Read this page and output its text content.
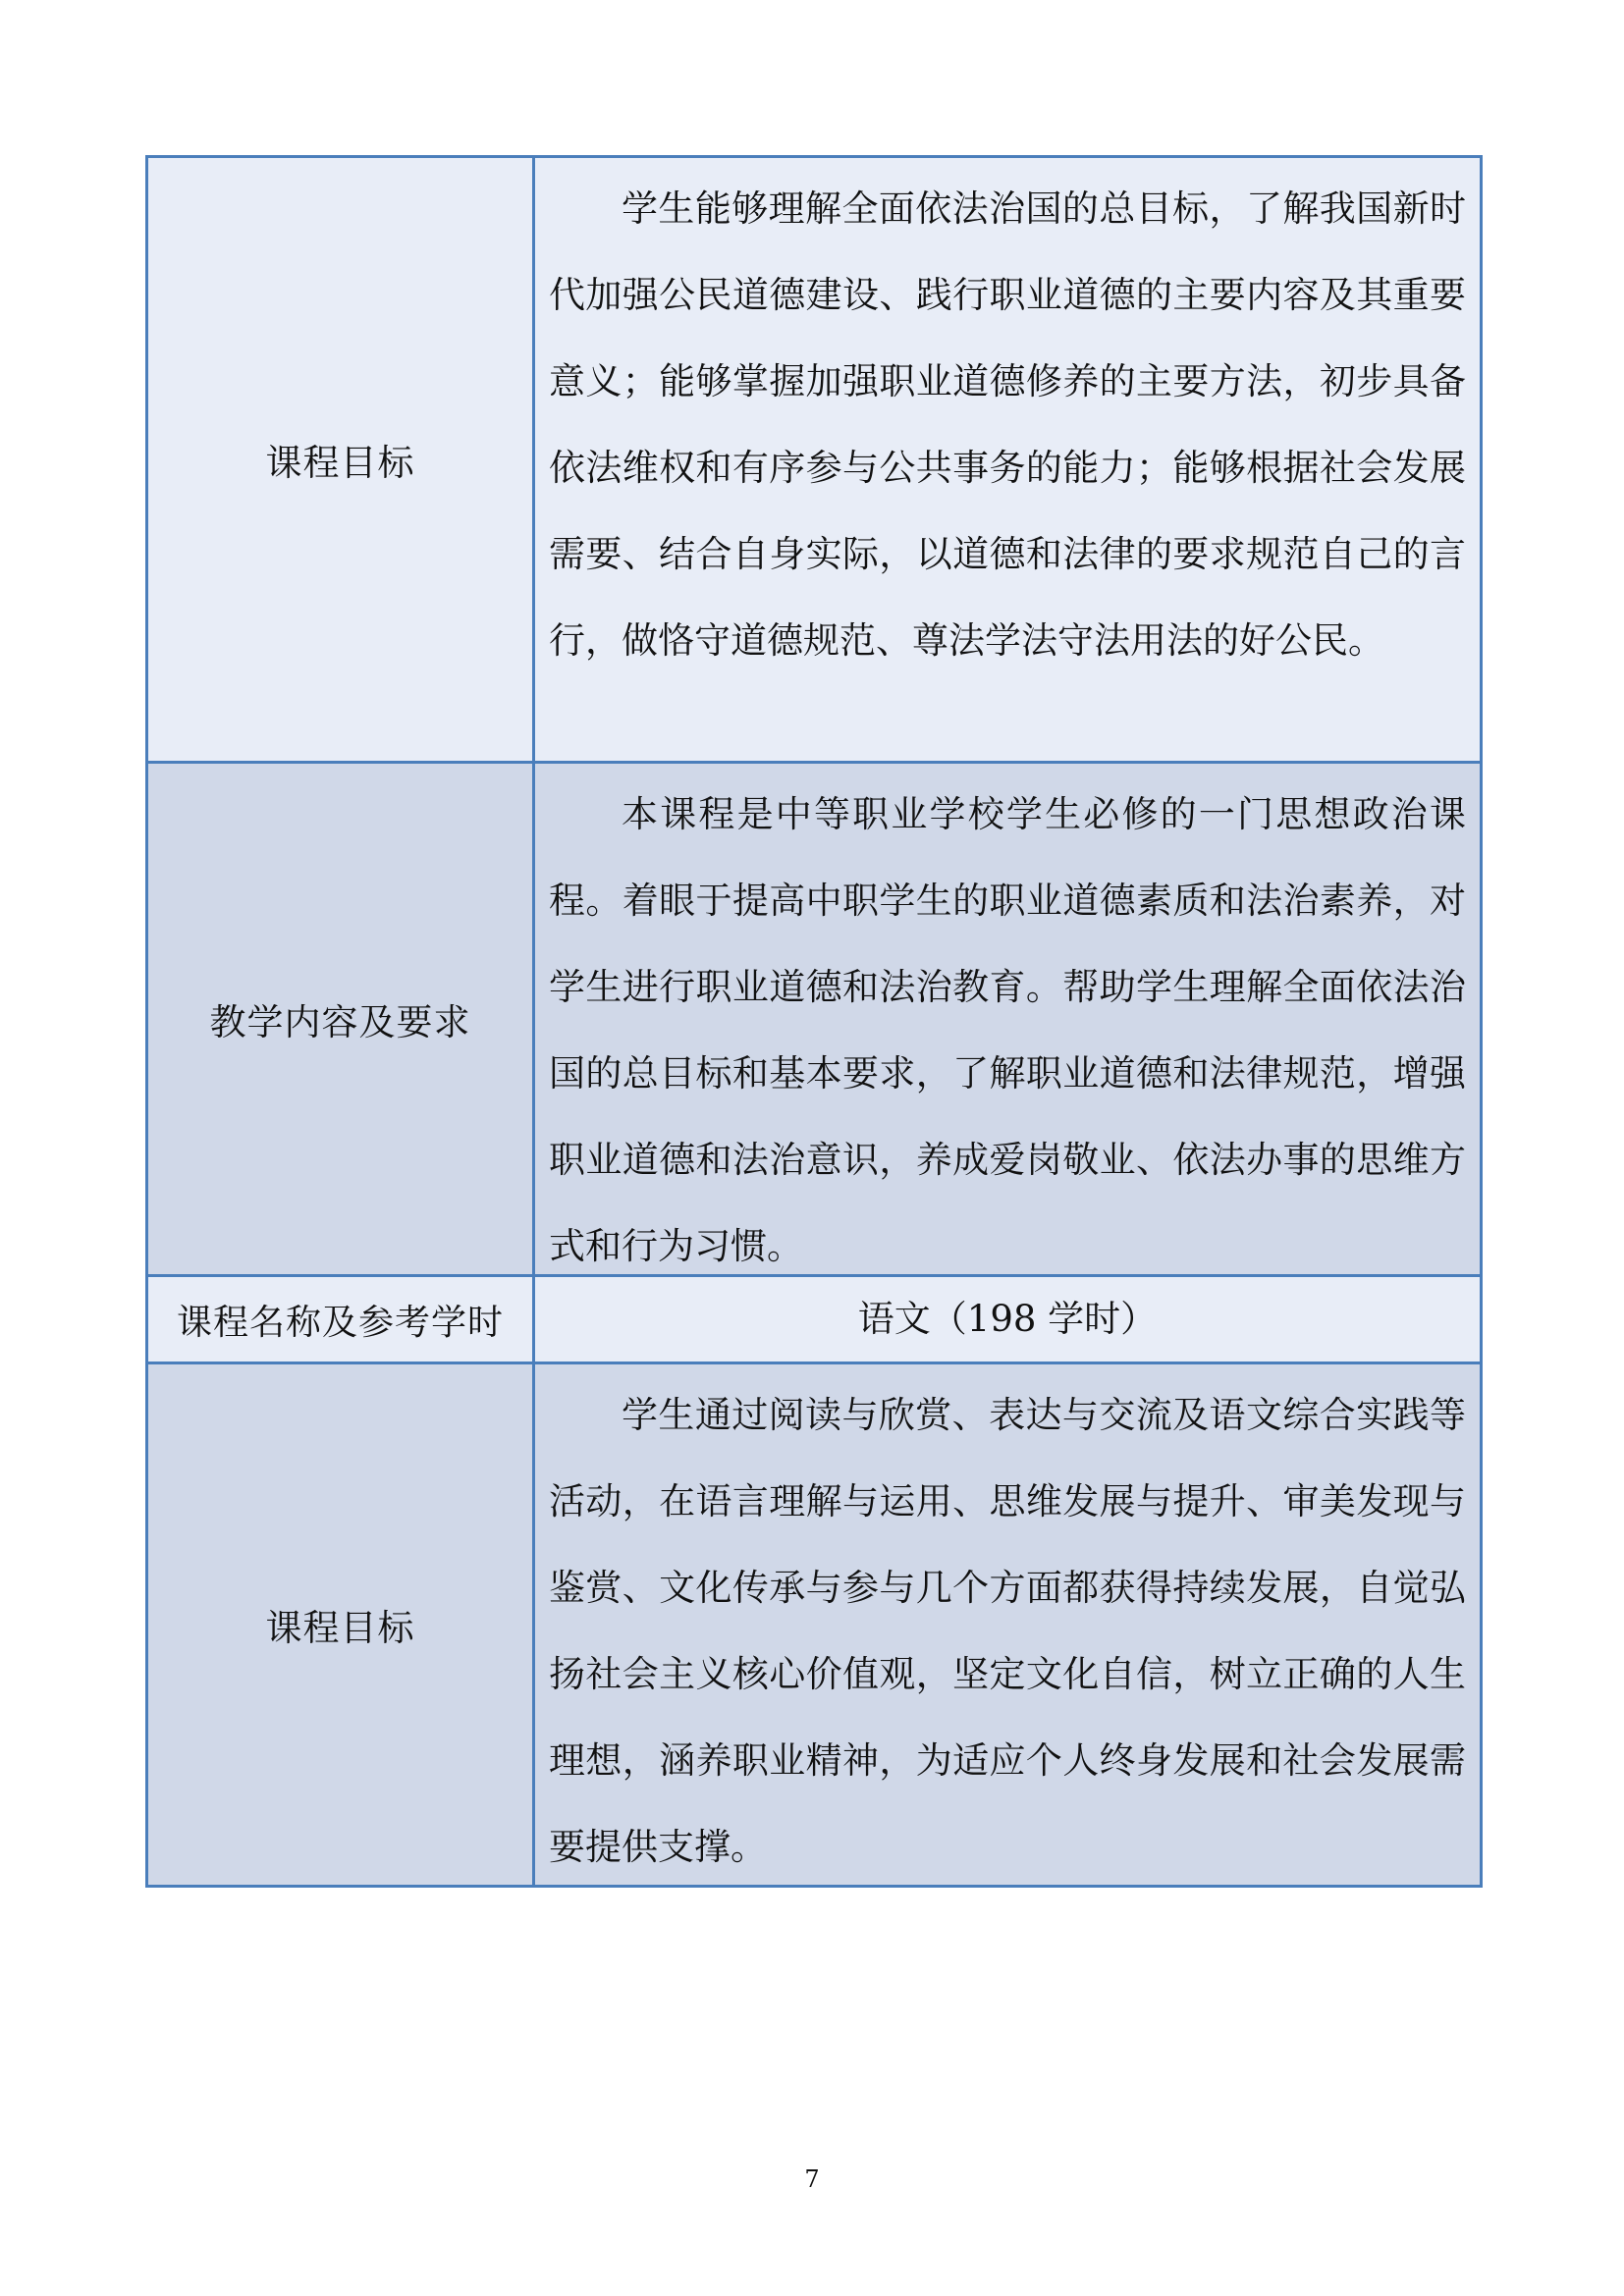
课程目标
学生能够理解全面依法治国的总目标，了解我国新时代加强公民道德建设、践行职业道德的主要内容及其重要意义；能够掌握加强职业道德修养的主要方法，初步具备依法维权和有序参与公共事务的能力；能够根据社会发展需要、结合自身实际，以道德和法律的要求规范自己的言行，做恪守道德规范、尊法学法守法用法的好公民。
教学内容及要求
本课程是中等职业学校学生必修的一门思想政治课程。着眼于提高中职学生的职业道德素质和法治素养，对学生进行职业道德和法治教育。帮助学生理解全面依法治国的总目标和基本要求，了解职业道德和法律规范，增强职业道德和法治意识，养成爱岗敬业、依法办事的思维方式和行为习惯。
课程名称及参考学时	语文（198 学时）
课程目标
学生通过阅读与欣赏、表达与交流及语文综合实践等活动，在语言理解与运用、思维发展与提升、审美发现与鉴赏、文化传承与参与几个方面都获得持续发展，自觉弘扬社会主义核心价值观，坚定文化自信，树立正确的人生理想，涵养职业精神，为适应个人终身发展和社会发展需要提供支撑。
7
